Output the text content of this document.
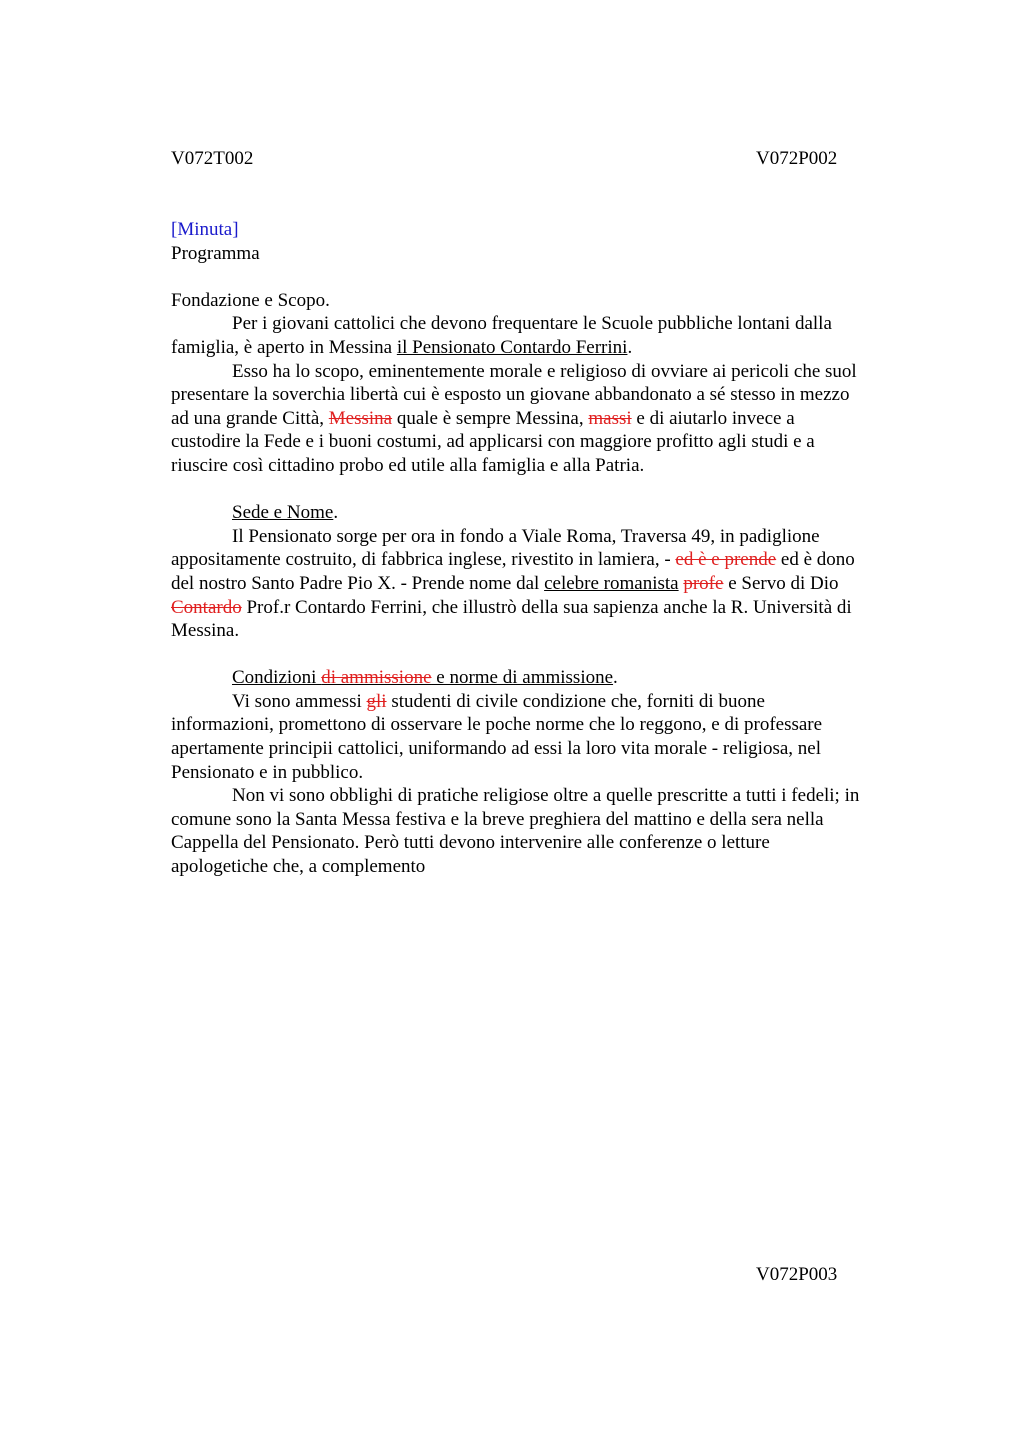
V072T002	V072P002
[Minuta]
Programma
Fondazione e Scopo.
Per i giovani cattolici che devono frequentare le Scuole pubbliche lontani dalla
famiglia, è aperto in Messina il Pensionato Contardo Ferrini.
Esso ha lo scopo, eminentemente morale e religioso di ovviare ai pericoli che suol
presentare la soverchia libertà cui è esposto un giovane abbandonato a sé stesso in mezzo
ad una grande Città, Messina quale è sempre Messina, massi e di aiutarlo invece a
custodire la Fede e i buoni costumi, ad applicarsi con maggiore profitto agli studi e a
riuscire così cittadino probo ed utile alla famiglia e alla Patria.
Sede e Nome.
Il Pensionato sorge per ora in fondo a Viale Roma, Traversa 49, in padiglione
appositamente costruito, di fabbrica inglese, rivestito in lamiera, - ed è e prende ed è dono
del nostro Santo Padre Pio X. - Prende nome dal celebre romanista profe e Servo di Dio
Contardo Prof.r Contardo Ferrini, che illustrò della sua sapienza anche la R. Università di
Messina.
Condizioni di ammissione e norme di ammissione.
Vi sono ammessi gli studenti di civile condizione che, forniti di buone
informazioni, promettono di osservare le poche norme che lo reggono, e di professare
apertamente principii cattolici, uniformando ad essi la loro vita morale - religiosa, nel
Pensionato e in pubblico.
Non vi sono obblighi di pratiche religiose oltre a quelle prescritte a tutti i fedeli; in
comune sono la Santa Messa festiva e la breve preghiera del mattino e della sera nella
Cappella del Pensionato. Però tutti devono intervenire alle conferenze o letture
apologetiche che, a complemento
V072P003
